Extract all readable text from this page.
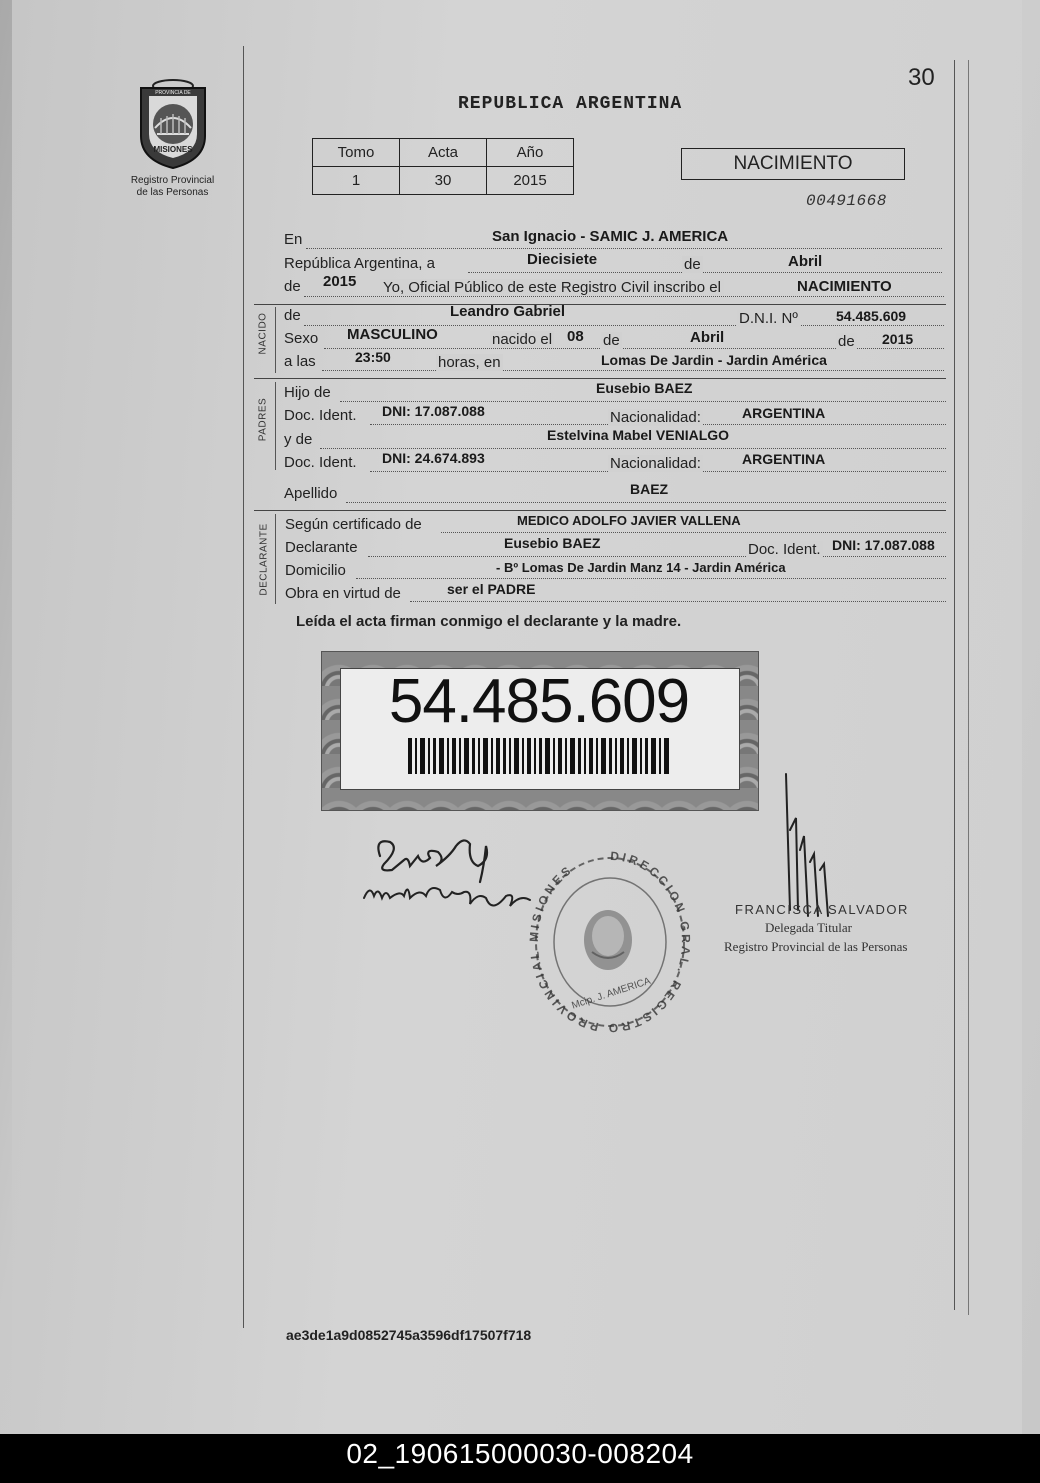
PROVINCIA DE
MISIONES
Registro Provincial
de las Personas
30
REPUBLICA ARGENTINA
Tomo	Acta	Año
1	30	2015
NACIMIENTO
00491668
En	San Ignacio - SAMIC J. AMERICA
República Argentina, a	Diecisiete	de	Abril
de 2015 Yo, Oficial Público de este Registro Civil inscribo el	NACIMIENTO
NACIDO de	Leandro Gabriel	D.N.I. Nº	54.485.609
Sexo MASCULINO	nacido el 08 de	Abril	de 2015
a las	23:50	horas, en	Lomas De Jardin - Jardin América
PADRES
Hijo de	Eusebio BAEZ
Doc. Ident. DNI: 17.087.088	Nacionalidad:	ARGENTINA
y de	Estelvina Mabel VENIALGO
Doc. Ident. DNI: 24.674.893	Nacionalidad:	ARGENTINA
Apellido	BAEZ
DECLARANTE Según certificado de	MEDICO ADOLFO JAVIER VALLENA
Declarante	Eusebio BAEZ	Doc. Ident. DNI: 17.087.088
Domicilio	- Bº Lomas De Jardin Manz 14 - Jardin América
Obra en virtud de	ser el PADRE
Leída el acta firman conmigo el declarante y la madre.
54.485.609
DIRECCION GRAL. REGISTRO PROVINCIAL MISIONES
Mcip. J. AMERICA
FRANCISCA SALVADOR
Delegada Titular
Registro Provincial de las Personas
ae3de1a9d0852745a3596df17507f718
02_190615000030-008204
